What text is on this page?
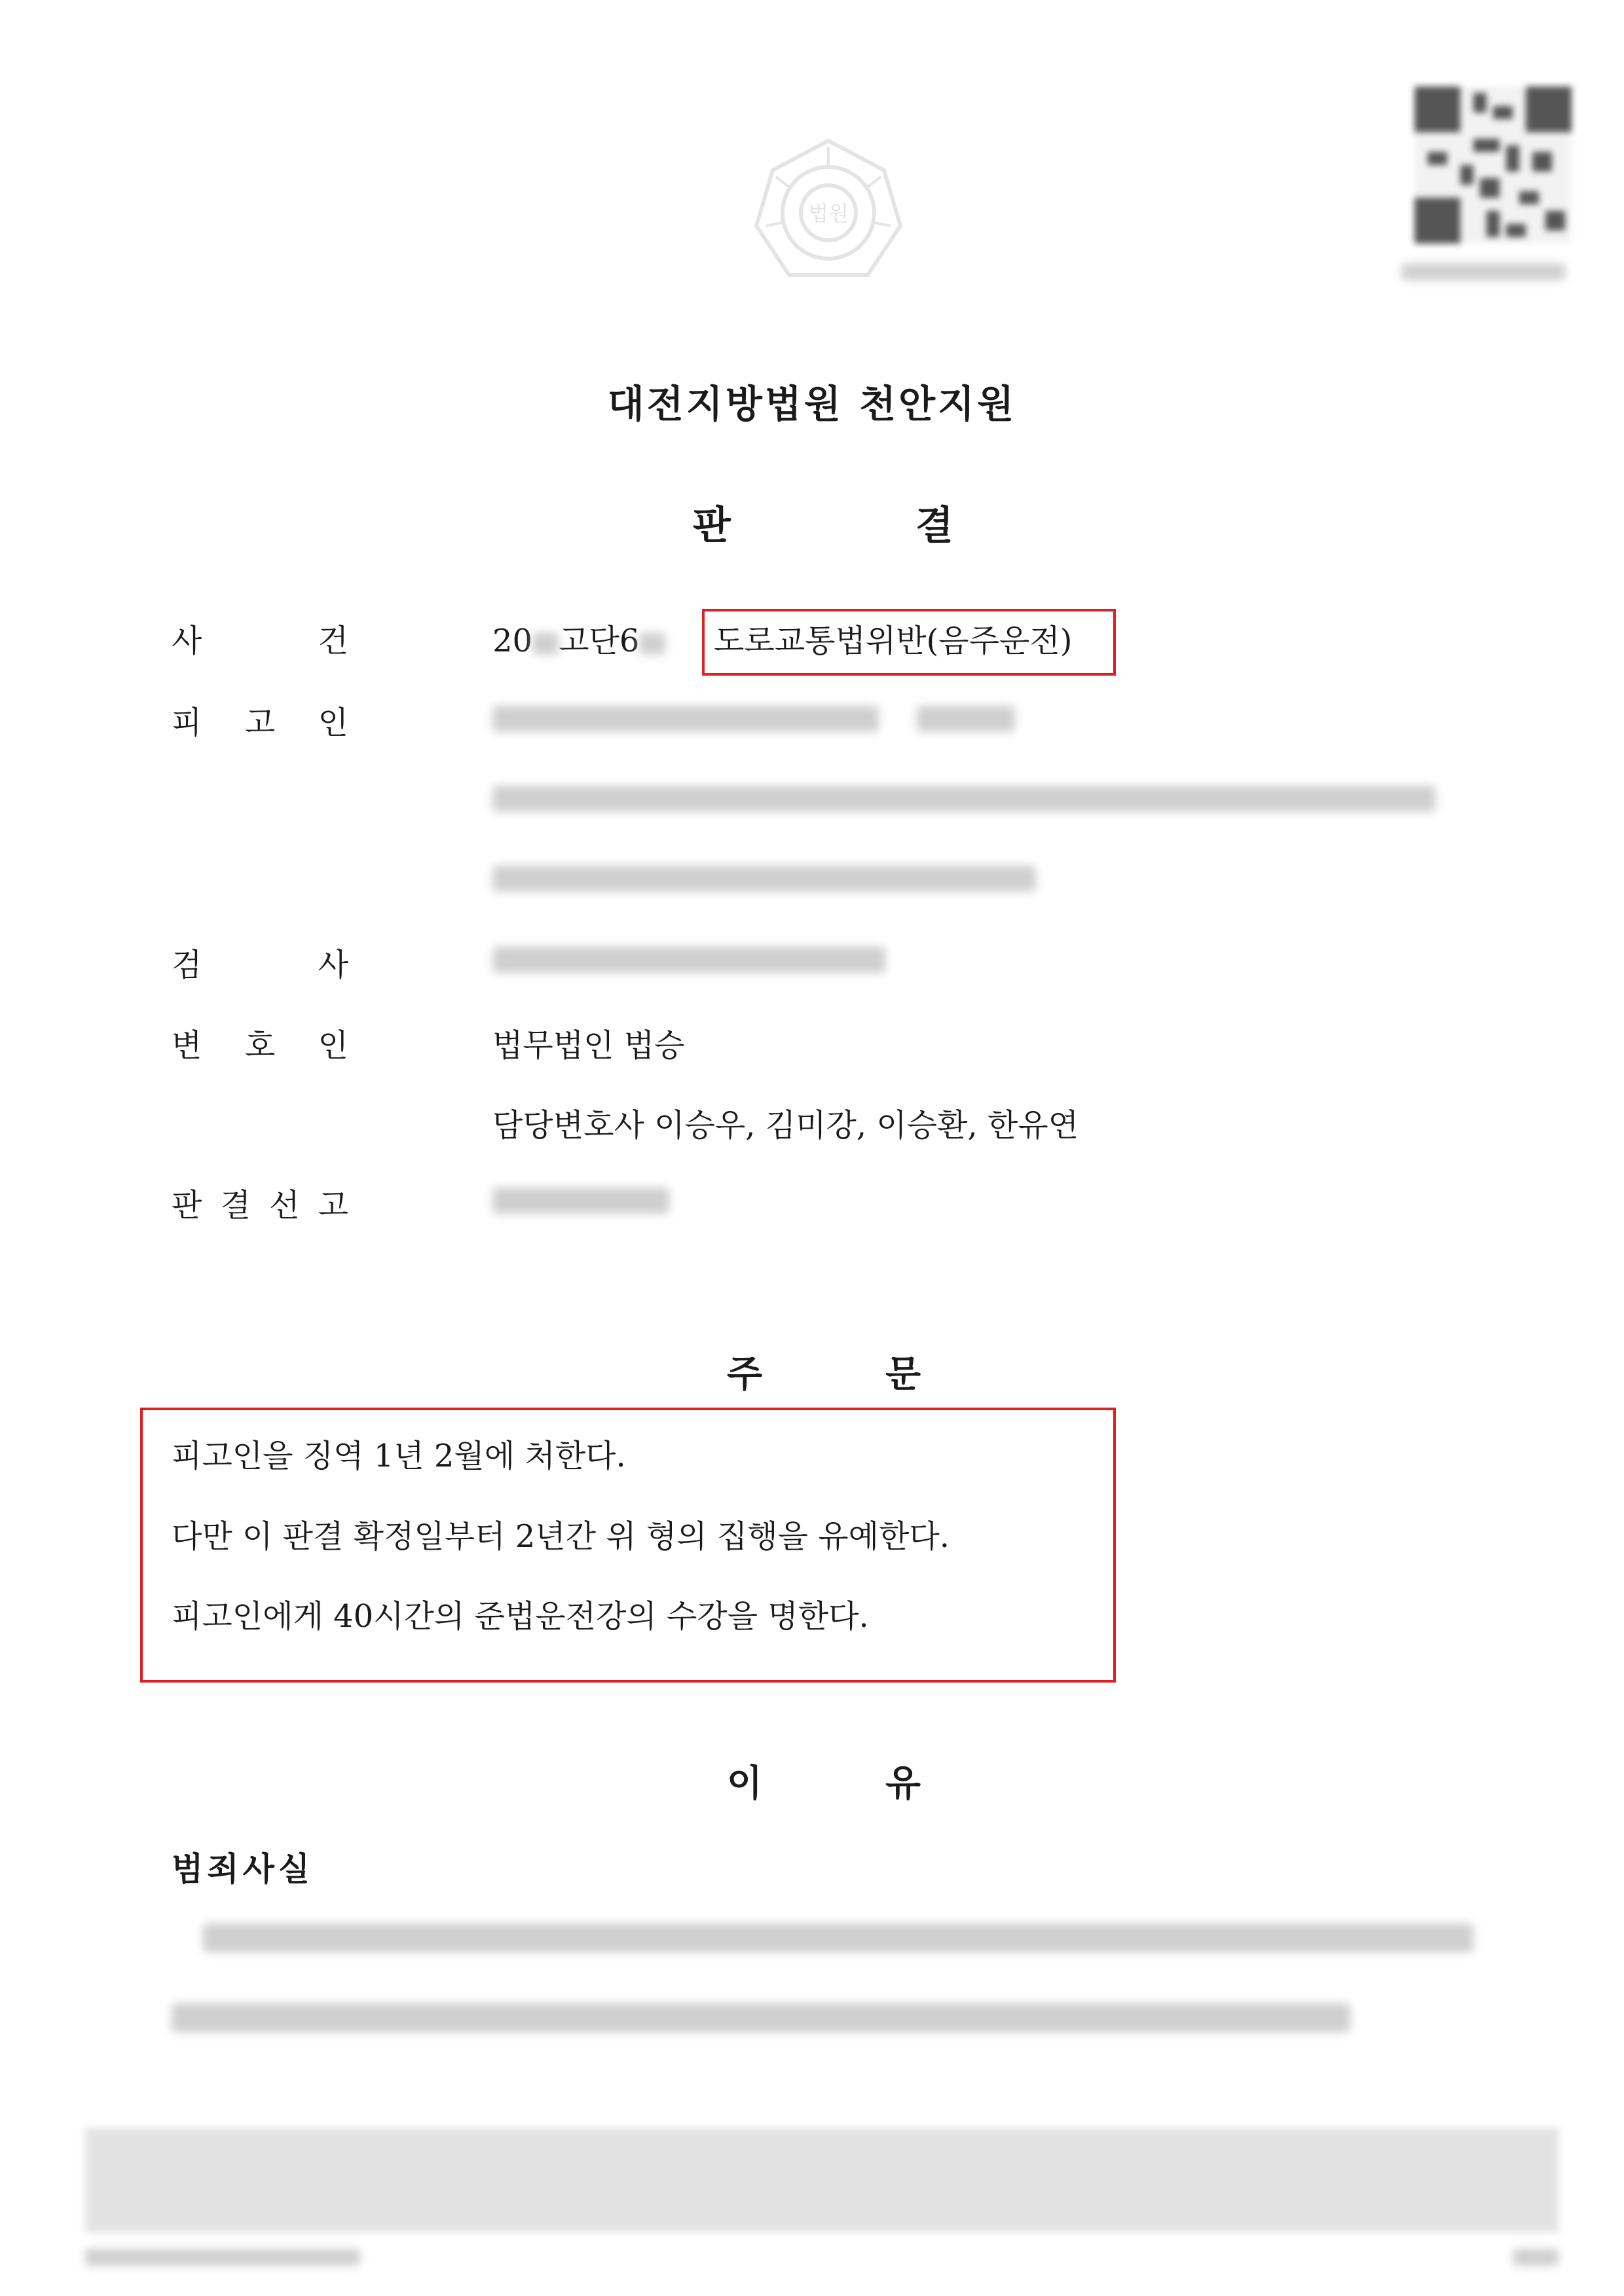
법원
대전지방법원 천안지원
판	결
사	건	20 고단6	도로교통법위반(음주운전)
피 고 인
검	사
변 호 인	법무법인 법승
담당변호사 이승우, 김미강, 이승환, 한유연
판 결 선 고
주	문
피고인을 징역 1년 2월에 처한다.
다만 이 판결 확정일부터 2년간 위 형의 집행을 유예한다.
피고인에게 40시간의 준법운전강의 수강을 명한다.
이	유
범죄사실
